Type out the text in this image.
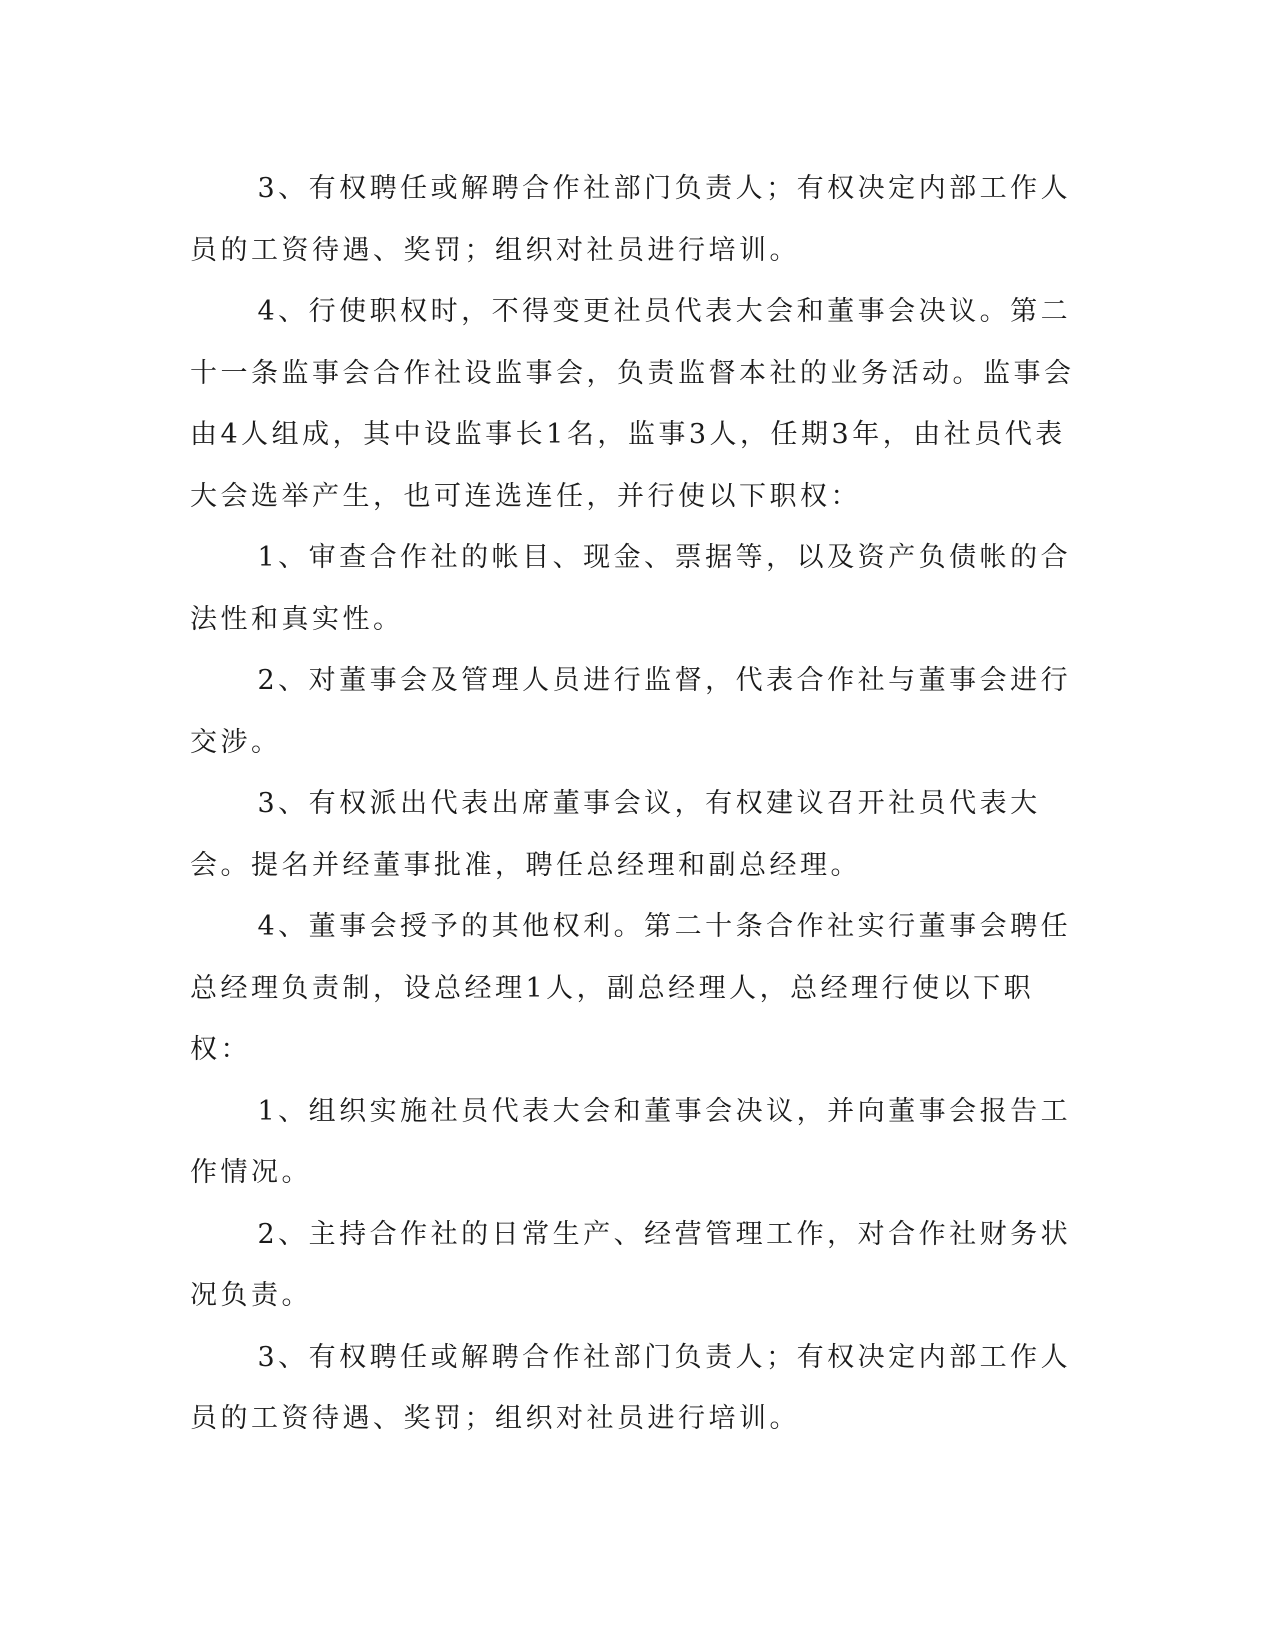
3、有权聘任或解聘合作社部门负责人；有权决定内部工作人员的工资待遇、奖罚；组织对社员进行培训。

4、行使职权时，不得变更社员代表大会和董事会决议。第二十一条监事会合作社设监事会，负责监督本社的业务活动。监事会由4人组成，其中设监事长1名，监事3人，任期3年，由社员代表大会选举产生，也可连选连任，并行使以下职权：

1、审查合作社的帐目、现金、票据等，以及资产负债帐的合法性和真实性。

2、对董事会及管理人员进行监督，代表合作社与董事会进行交涉。

3、有权派出代表出席董事会议，有权建议召开社员代表大会。提名并经董事批准，聘任总经理和副总经理。

4、董事会授予的其他权利。第二十条合作社实行董事会聘任总经理负责制，设总经理1人，副总经理人，总经理行使以下职权：

1、组织实施社员代表大会和董事会决议，并向董事会报告工作情况。

2、主持合作社的日常生产、经营管理工作，对合作社财务状况负责。

3、有权聘任或解聘合作社部门负责人；有权决定内部工作人员的工资待遇、奖罚；组织对社员进行培训。
